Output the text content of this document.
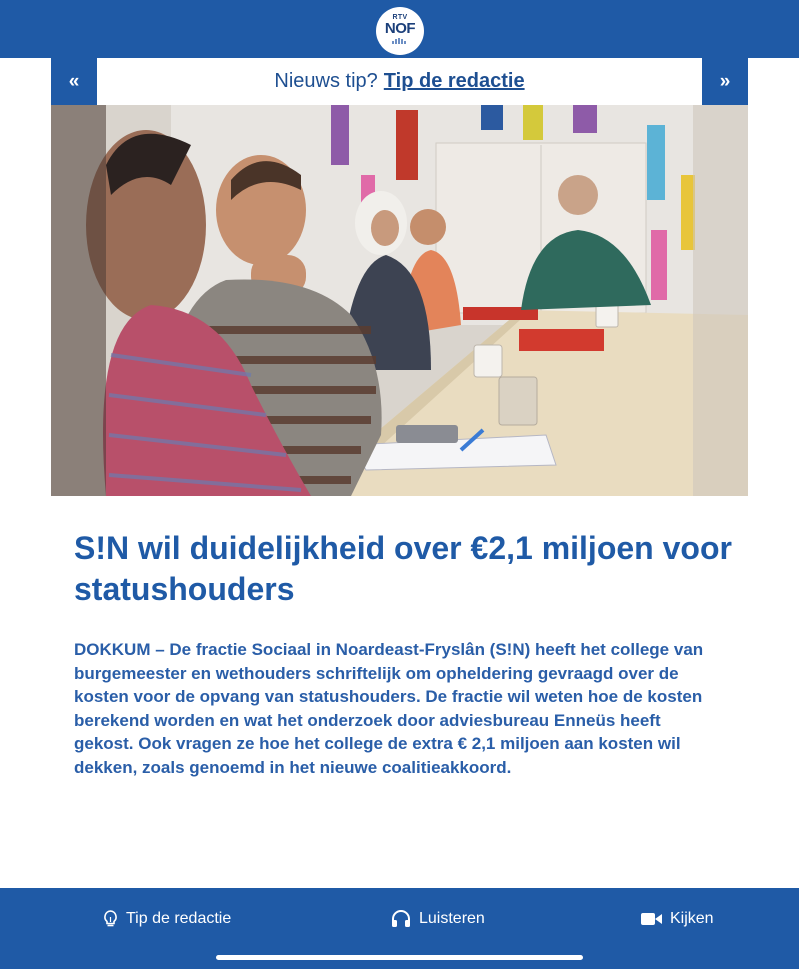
RTV
NOF
«	Nieuws tip? Tip de redactie	»
S!N wil duidelijkheid over €2,1 miljoen voor statushouders

DOKKUM – De fractie Sociaal in Noardeast-Fryslân (S!N) heeft het college van burgemeester en wethouders schriftelijk om opheldering gevraagd over de kosten voor de opvang van statushouders. De fractie wil weten hoe de kosten berekend worden en wat het onderzoek door adviesbureau Enneüs heeft gekost. Ook vragen ze hoe het college de extra € 2,1 miljoen aan kosten wil dekken, zoals genoemd in het nieuwe coalitieakkoord.

Tip de redactie	Luisteren	Kijken
